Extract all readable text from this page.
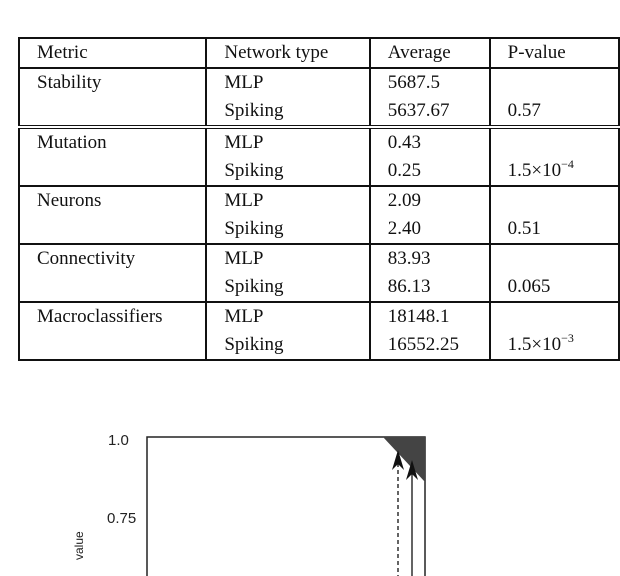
Metric	Network type	Average	P-value
Stability	MLP	5687.5	
	Spiking	5637.67	0.57
Mutation	MLP	0.43	
	Spiking	0.25	$1.5\times 10^{-4}$
Neurons	MLP	2.09	
	Spiking	2.40	0.51
Connectivity	MLP	83.93	
	Spiking	86.13	0.065
Macroclassifiers	MLP	18148.1	
	Spiking	16552.25	$1.5\times 10^{-3}$
1.0
0.75
value
